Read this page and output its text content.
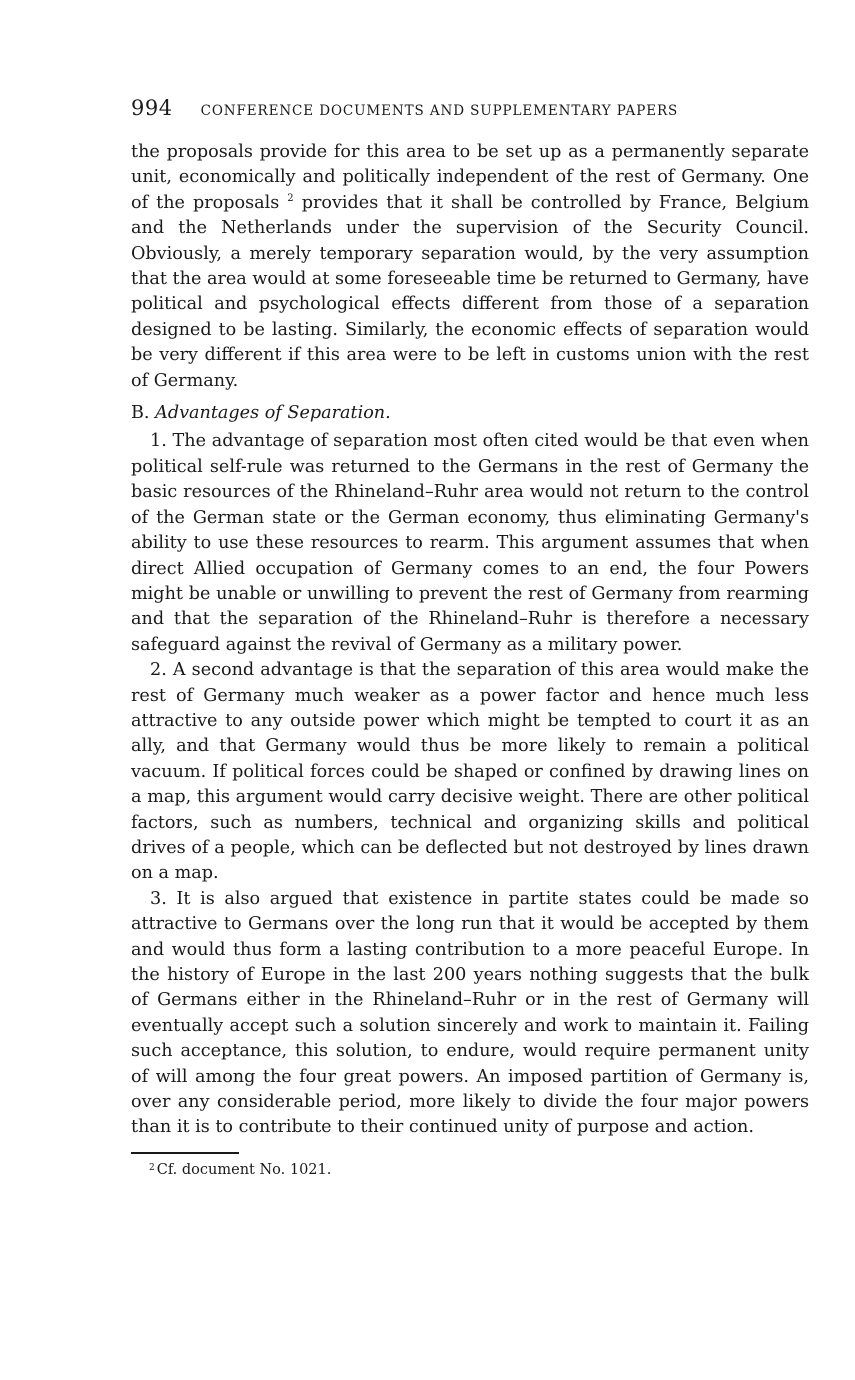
994 CONFERENCE DOCUMENTS AND SUPPLEMENTARY PAPERS

the proposals provide for this area to be set up as a permanently separate unit, economically and politically independent of the rest of Germany. One of the proposals $^2$ provides that it shall be controlled by France, Belgium and the Netherlands under the supervision of the Security Council. Obviously, a merely temporary separation would, by the very assumption that the area would at some foreseeable time be returned to Germany, have political and psychological effects different from those of a separation designed to be lasting. Similarly, the economic effects of separation would be very different if this area were to be left in customs union with the rest of Germany.

B. Advantages of Separation.

1. The advantage of separation most often cited would be that even when political self-rule was returned to the Germans in the rest of Germany the basic resources of the Rhineland–Ruhr area would not return to the control of the German state or the German economy, thus eliminating Germany's ability to use these resources to rearm. This argument assumes that when direct Allied occupation of Germany comes to an end, the four Powers might be unable or unwilling to prevent the rest of Germany from rearming and that the separation of the Rhineland–Ruhr is therefore a necessary safeguard against the revival of Germany as a military power.

2. A second advantage is that the separation of this area would make the rest of Germany much weaker as a power factor and hence much less attractive to any outside power which might be tempted to court it as an ally, and that Germany would thus be more likely to remain a political vacuum. If political forces could be shaped or confined by drawing lines on a map, this argument would carry decisive weight. There are other political factors, such as numbers, technical and organizing skills and political drives of a people, which can be deflected but not destroyed by lines drawn on a map.

3. It is also argued that existence in partite states could be made so attractive to Germans over the long run that it would be accepted by them and would thus form a lasting contribution to a more peaceful Europe. In the history of Europe in the last 200 years nothing suggests that the bulk of Germans either in the Rhineland–Ruhr or in the rest of Germany will eventually accept such a solution sincerely and work to maintain it. Failing such acceptance, this solution, to endure, would require permanent unity of will among the four great powers. An imposed partition of Germany is, over any considerable period, more likely to divide the four major powers than it is to contribute to their continued unity of purpose and action.

$^2$ Cf. document No. 1021.
